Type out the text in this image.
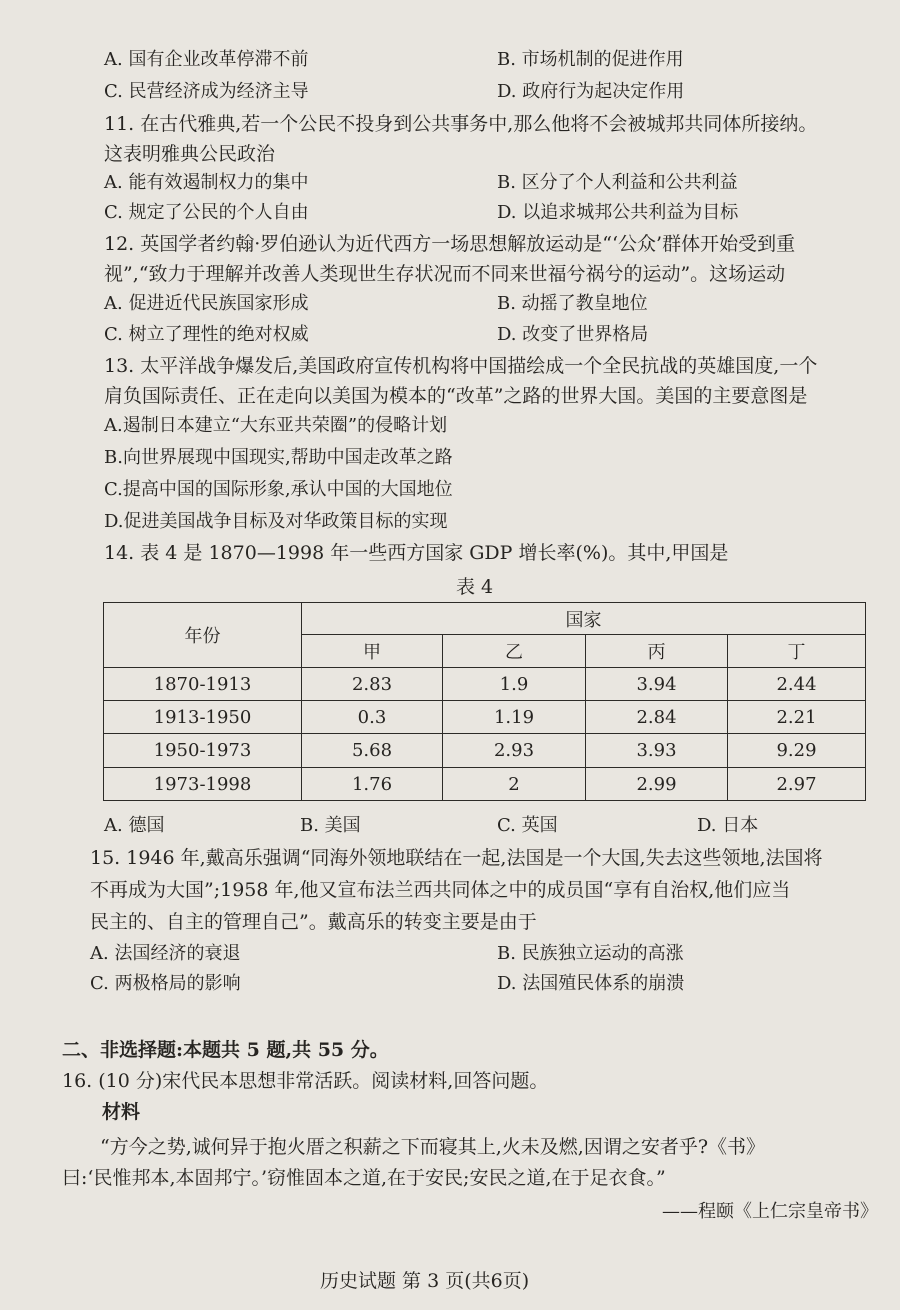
A. 国有企业改革停滞不前	B. 市场机制的促进作用
C. 民营经济成为经济主导	D. 政府行为起决定作用
11. 在古代雅典,若一个公民不投身到公共事务中,那么他将不会被城邦共同体所接纳。
这表明雅典公民政治
A. 能有效遏制权力的集中	B. 区分了个人利益和公共利益
C. 规定了公民的个人自由	D. 以追求城邦公共利益为目标
12. 英国学者约翰·罗伯逊认为近代西方一场思想解放运动是“‘公众’群体开始受到重
视”,“致力于理解并改善人类现世生存状况而不同来世福兮祸兮的运动”。这场运动
A. 促进近代民族国家形成	B. 动摇了教皇地位
C. 树立了理性的绝对权威	D. 改变了世界格局
13. 太平洋战争爆发后,美国政府宣传机构将中国描绘成一个全民抗战的英雄国度,一个
肩负国际责任、正在走向以美国为模本的“改革”之路的世界大国。美国的主要意图是
A.遏制日本建立“大东亚共荣圈”的侵略计划
B.向世界展现中国现实,帮助中国走改革之路
C.提高中国的国际形象,承认中国的大国地位
D.促进美国战争目标及对华政策目标的实现
14. 表 4 是 1870—1998 年一些西方国家 GDP 增长率(%)。其中,甲国是
表 4
年份	国家			
	甲	乙	丙	丁
1870-1913	2.83	1.9	3.94	2.44
1913-1950	0.3	1.19	2.84	2.21
1950-1973	5.68	2.93	3.93	9.29
1973-1998	1.76	2	2.99	2.97
A. 德国	B. 美国	C. 英国	D. 日本
15. 1946 年,戴高乐强调“同海外领地联结在一起,法国是一个大国,失去这些领地,法国将
不再成为大国”;1958 年,他又宣布法兰西共同体之中的成员国“享有自治权,他们应当
民主的、自主的管理自己”。戴高乐的转变主要是由于
A. 法国经济的衰退	B. 民族独立运动的高涨
C. 两极格局的影响	D. 法国殖民体系的崩溃
二、非选择题:本题共 5 题,共 55 分。
16. (10 分)宋代民本思想非常活跃。阅读材料,回答问题。
材料
“方今之势,诚何异于抱火厝之积薪之下而寝其上,火未及燃,因谓之安者乎?《书》
曰:‘民惟邦本,本固邦宁。’窃惟固本之道,在于安民;安民之道,在于足衣食。”
——程颐《上仁宗皇帝书》
历史试题 第 3 页(共6页)
